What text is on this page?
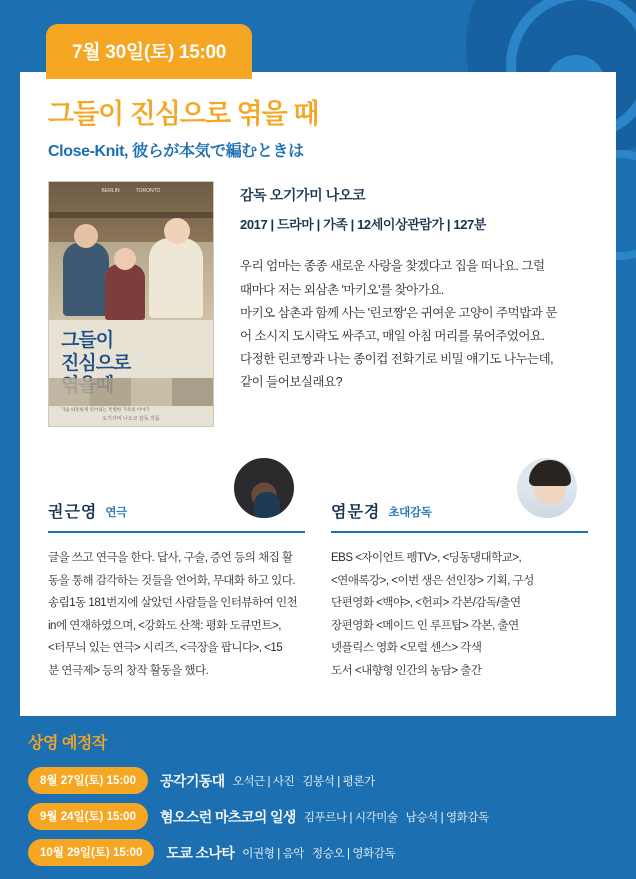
7월 30일(토) 15:00
그들이 진심으로 엮을 때
Close-Knit, 彼らが本気で編むときは
BERLIN	TORONTO
그들이
진심으로
가슴 따뜻하게 엮어내는 특별한 가족의 이야기
오기가미 나오코 감독 작품
감독 오기가미 나오코
2017 | 드라마 | 가족 | 12세이상관람가 | 127분

우리 엄마는 종종 새로운 사랑을 찾겠다고 집을 떠나요. 그럴

때마다 저는 외삼촌 '마키오'를 찾아가요.

마키오 삼촌과 함께 사는 '린코짱'은 귀여운 고양이 주먹밥과 문

어 소시지 도시락도 싸주고, 매일 아침 머리를 묶어주었어요.

다정한 린코짱과 나는 종이컵 전화기로 비밀 얘기도 나누는데,

같이 들어보실래요?

권근영 연극
글을 쓰고 연극을 한다. 답사, 구술, 증언 등의 채집 활
동을 통해 감각하는 것들을 언어화, 무대화 하고 있다.
송림1동 181번지에 살았던 사람들을 인터뷰하여 인천
in에 연재하였으며, <강화도 산책: 평화 도큐먼트>,
<터무늬 있는 연극> 시리즈, <극장을 팝니다>, <15
분 연극제> 등의 창작 활동을 했다.
염문경 초대감독
EBS <자이언트 펭TV>, <딩동댕대학교>,
<연애록강>, <이번 생은 선인장> 기획, 구성
단편영화 <백야>, <헌피> 각본/감독/출연
장편영화 <메이드 인 루프탑> 각본, 출연
넷플릭스 영화 <모럴 센스> 각색
도서 <내향형 인간의 농담> 출간
상영 예정작
8월 27일(토) 15:00	공각기동대 오석근 | 사진 김봉석 | 평론가
9월 24일(토) 15:00	혐오스런 마츠코의 일생 김푸르나 | 시각미술 남승석 | 영화감독
10월 29일(토) 15:00	도쿄 소나타 이권형 | 음악 정승오 | 영화감독
